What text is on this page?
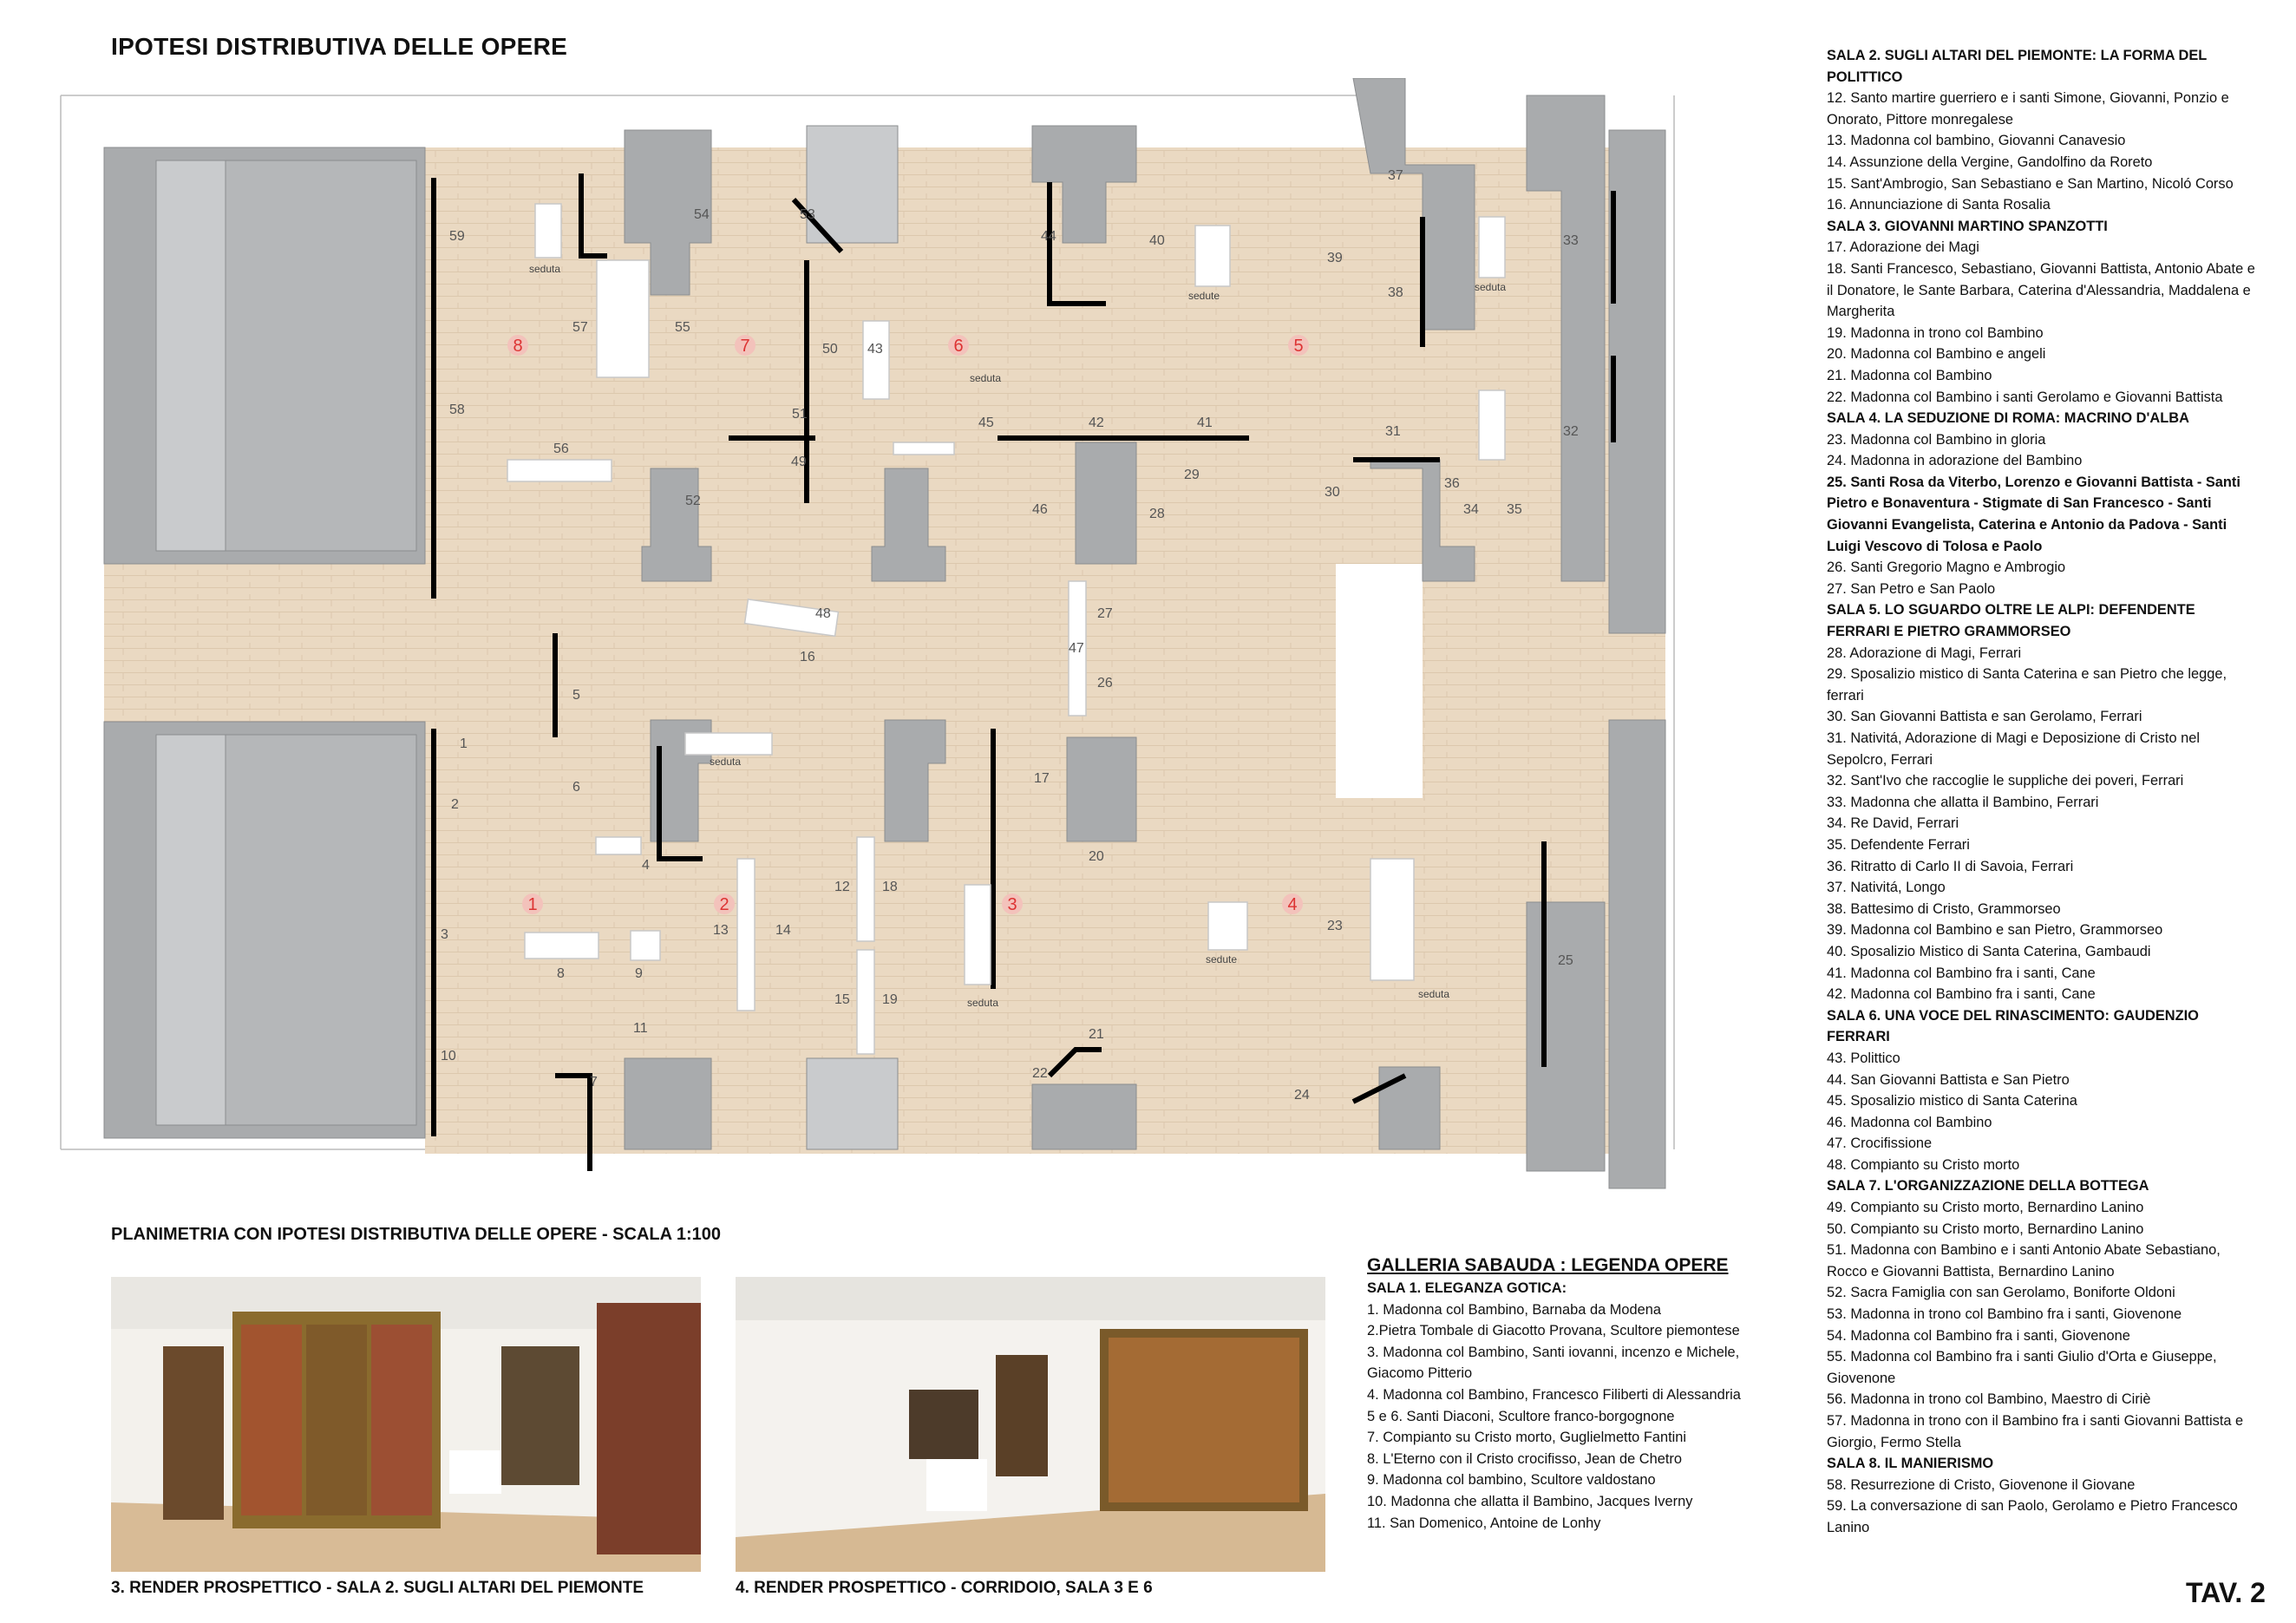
IPOTESI DISTRIBUTIVA DELLE OPERE
8	7	6	5
1	2	3	4
seduta
seduta
sedute
seduta
seduta
seduta
sedute
seduta
1
2
3
4
5
6
7
8	9
10
11
12
13	14
15
16
17
18
19
20
21
22
23
24
25
26
27
28
29
30
31	32
33
34 35
36
37
38
39
40
41
42
43
44
45
46
47
48
49
50
51
52
53
54
55
56
57
58
59
PLANIMETRIA CON IPOTESI DISTRIBUTIVA DELLE OPERE - SCALA 1:100
3. RENDER PROSPETTICO - SALA 2. SUGLI ALTARI DEL PIEMONTE	4. RENDER PROSPETTICO - CORRIDOIO, SALA 3 E 6
GALLERIA SABAUDA : LEGENDA OPERE
SALA 1. ELEGANZA GOTICA:
1. Madonna col Bambino, Barnaba da Modena
2.Pietra Tombale di Giacotto Provana, Scultore piemontese
3. Madonna col Bambino, Santi iovanni, incenzo e Michele, Giacomo Pitterio
4. Madonna col Bambino, Francesco Filiberti di Alessandria
5 e 6. Santi Diaconi, Scultore franco-borgognone
7. Compianto su Cristo morto, Guglielmetto Fantini
8. L'Eterno con il Cristo crocifisso, Jean de Chetro
9. Madonna col bambino, Scultore valdostano
10. Madonna che allatta il Bambino, Jacques Iverny
11. San Domenico, Antoine de Lonhy
SALA 2. SUGLI ALTARI DEL PIEMONTE: LA FORMA DEL POLITTICO
12. Santo martire guerriero e i santi Simone, Giovanni, Ponzio e Onorato, Pittore monregalese
13. Madonna col bambino, Giovanni Canavesio
14. Assunzione della Vergine, Gandolfino da Roreto
15. Sant'Ambrogio, San Sebastiano e San Martino, Nicoló Corso
16. Annunciazione di Santa Rosalia
SALA 3. GIOVANNI MARTINO SPANZOTTI
17. Adorazione dei Magi
18. Santi Francesco, Sebastiano, Giovanni Battista, Antonio Abate e il Donatore, le Sante Barbara, Caterina d'Alessandria, Maddalena e Margherita
19. Madonna in trono col Bambino
20. Madonna col Bambino e angeli
21. Madonna col Bambino
22. Madonna col Bambino i santi Gerolamo e Giovanni Battista
SALA 4. LA SEDUZIONE DI ROMA: MACRINO D'ALBA
23. Madonna col Bambino in gloria
24. Madonna in adorazione del Bambino
25. Santi Rosa da Viterbo, Lorenzo e Giovanni Battista - Santi Pietro e Bonaventura - Stigmate di San Francesco - Santi Giovanni Evangelista, Caterina e Antonio da Padova - Santi Luigi Vescovo di Tolosa e Paolo
26. Santi Gregorio Magno e Ambrogio
27. San Petro e San Paolo
SALA 5. LO SGUARDO OLTRE LE ALPI: DEFENDENTE FERRARI E PIETRO GRAMMORSEO
28. Adorazione di Magi, Ferrari
29. Sposalizio mistico di Santa Caterina e san Pietro che legge, ferrari
30. San Giovanni Battista e san Gerolamo, Ferrari
31. Nativitá, Adorazione di Magi e Deposizione di Cristo nel Sepolcro, Ferrari
32. Sant'Ivo che raccoglie le suppliche dei poveri, Ferrari
33. Madonna che allatta il Bambino, Ferrari
34. Re David, Ferrari
35. Defendente Ferrari
36. Ritratto di Carlo II di Savoia, Ferrari
37. Nativitá, Longo
38. Battesimo di Cristo, Grammorseo
39. Madonna col Bambino e san Pietro, Grammorseo
40. Sposalizio Mistico di Santa Caterina, Gambaudi
41. Madonna col Bambino fra i santi, Cane
42. Madonna col Bambino fra i santi, Cane
SALA 6. UNA VOCE DEL RINASCIMENTO: GAUDENZIO FERRARI
43. Polittico
44. San Giovanni Battista e San Pietro
45. Sposalizio mistico di Santa Caterina
46. Madonna col Bambino
47. Crocifissione
48. Compianto su Cristo morto
SALA 7. L'ORGANIZZAZIONE DELLA BOTTEGA
49. Compianto su Cristo morto, Bernardino Lanino
50. Compianto su Cristo morto, Bernardino Lanino
51. Madonna con Bambino e i santi Antonio Abate Sebastiano, Rocco e Giovanni Battista, Bernardino Lanino
52. Sacra Famiglia con san Gerolamo, Boniforte Oldoni
53. Madonna in trono col Bambino fra i santi, Giovenone
54. Madonna col Bambino fra i santi, Giovenone
55. Madonna col Bambino fra i santi Giulio d'Orta e Giuseppe, Giovenone
56. Madonna in trono col Bambino, Maestro di Ciriè
57. Madonna in trono con il Bambino fra i santi Giovanni Battista e Giorgio, Fermo Stella
SALA 8. IL MANIERISMO
58. Resurrezione di Cristo, Giovenone il Giovane
59. La conversazione di san Paolo, Gerolamo e Pietro Francesco Lanino
TAV. 2
